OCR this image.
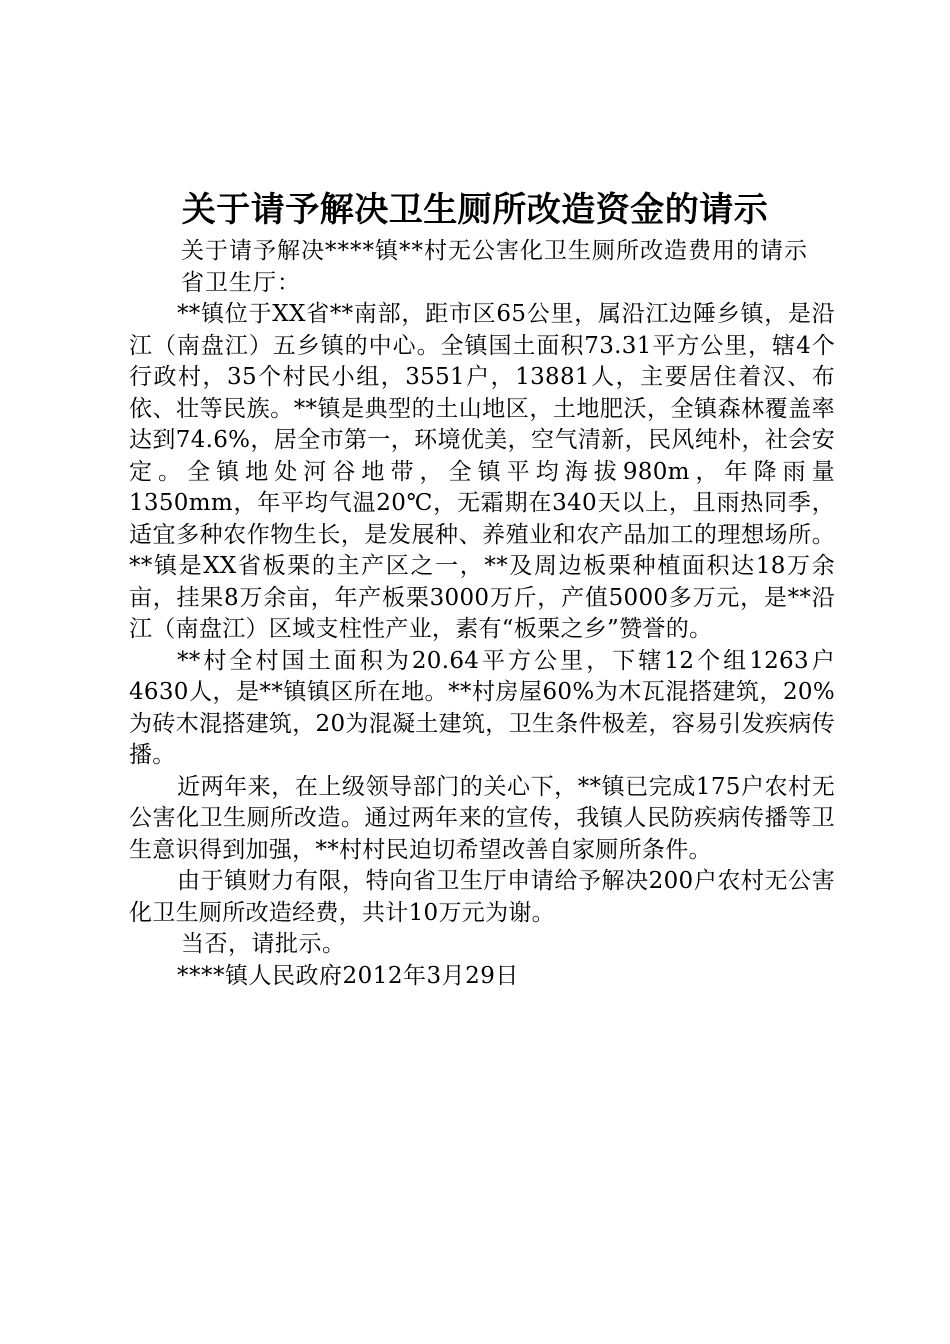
关于请予解决卫生厕所改造资金的请示

关于请予解决****镇**村无公害化卫生厕所改造费用的请示

省卫生厅：

**镇位于XX省**南部，距市区65公里，属沿江边陲乡镇，是沿江（南盘江）五乡镇的中心。全镇国土面积73.31平方公里，辖4个行政村，35个村民小组，3551户，13881人，主要居住着汉、布依、壮等民族。**镇是典型的土山地区，土地肥沃，全镇森林覆盖率达到74.6%，居全市第一，环境优美，空气清新，民风纯朴，社会安定。全镇地处河谷地带，全镇平均海拔980m，年降雨量1350mm，年平均气温20℃，无霜期在340天以上，且雨热同季，适宜多种农作物生长，是发展种、养殖业和农产品加工的理想场所。**镇是XX省板栗的主产区之一，**及周边板栗种植面积达18万余亩，挂果8万余亩，年产板栗3000万斤，产值5000多万元，是**沿江（南盘江）区域支柱性产业，素有“板栗之乡”赞誉的。

**村全村国土面积为20.64平方公里，下辖12个组1263户4630人，是**镇镇区所在地。**村房屋60%为木瓦混搭建筑，20%为砖木混搭建筑，20为混凝土建筑，卫生条件极差，容易引发疾病传播。

近两年来，在上级领导部门的关心下，**镇已完成175户农村无公害化卫生厕所改造。通过两年来的宣传，我镇人民防疾病传播等卫生意识得到加强，**村村民迫切希望改善自家厕所条件。

由于镇财力有限，特向省卫生厅申请给予解决200户农村无公害化卫生厕所改造经费，共计10万元为谢。

当否，请批示。

****镇人民政府2012年3月29日
